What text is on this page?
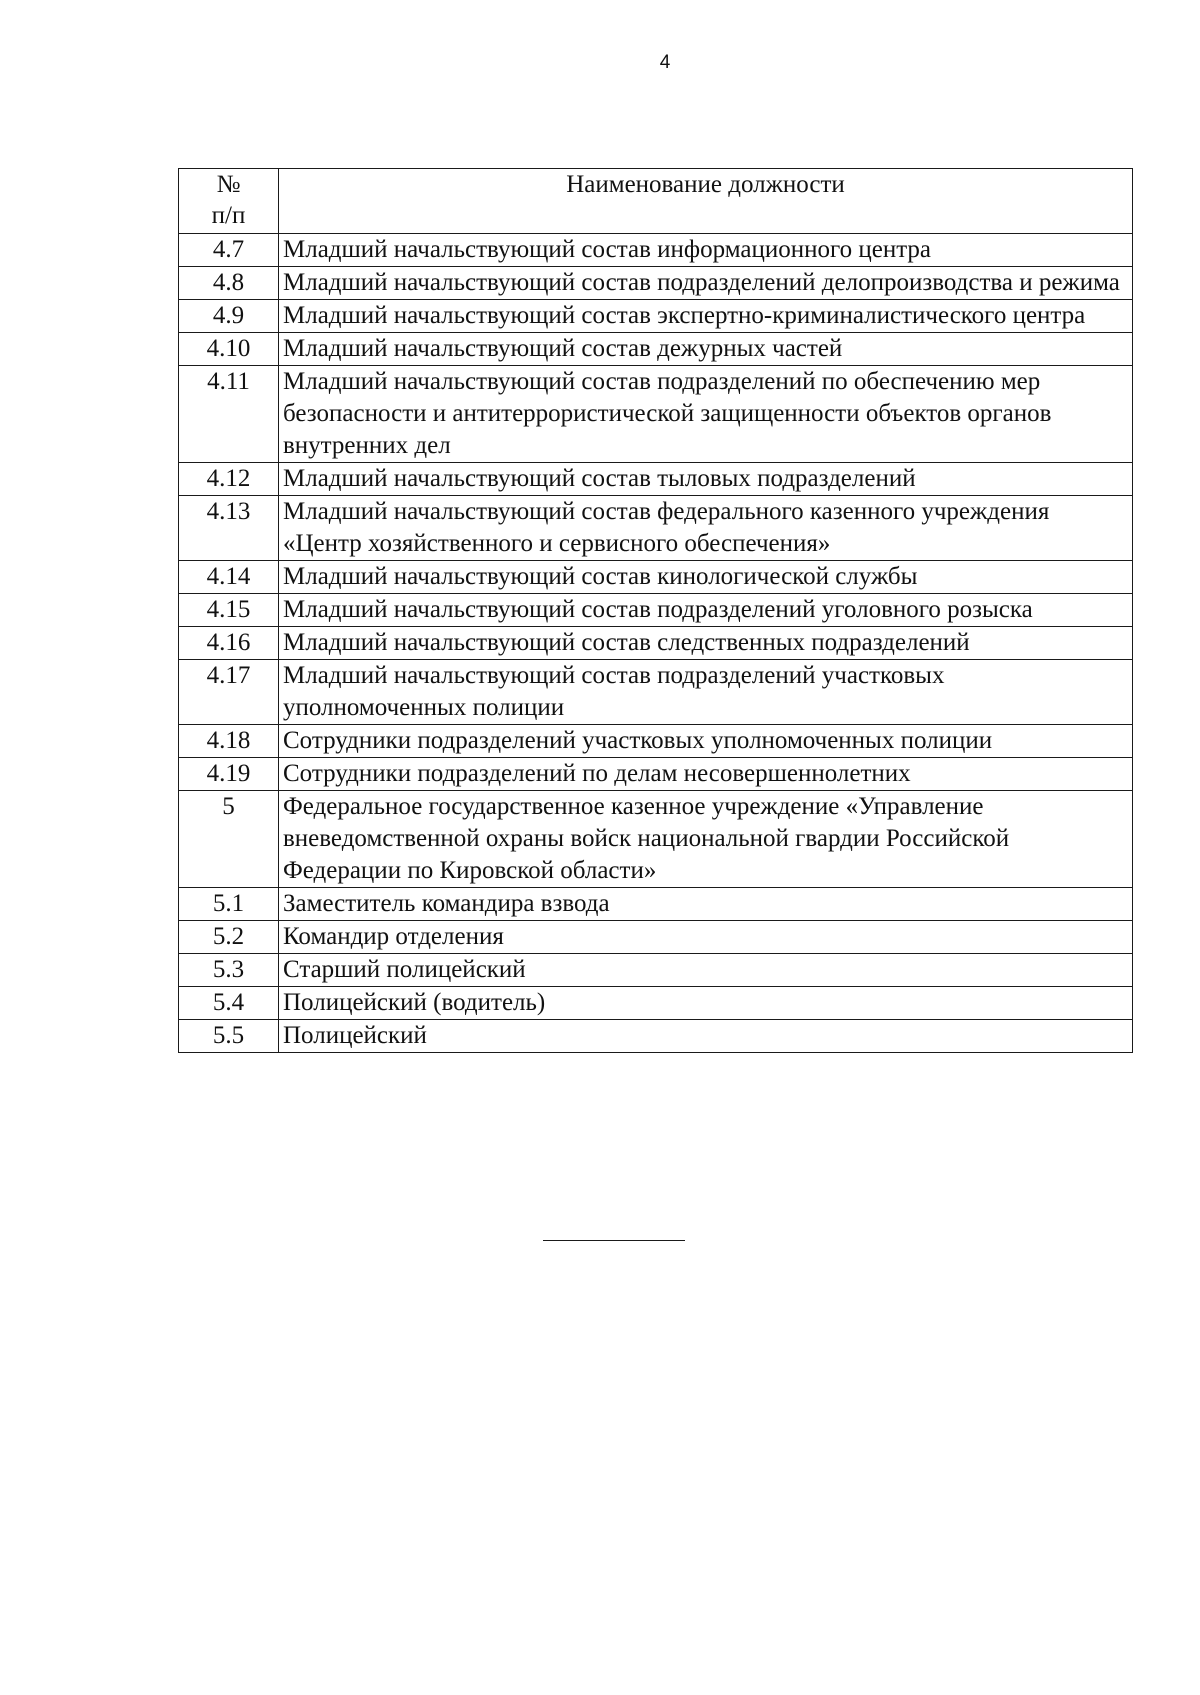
4
№
п/п	Наименование должности
4.7	Младший начальствующий состав информационного центра
4.8	Младший начальствующий состав подразделений делопроизводства и режима
4.9	Младший начальствующий состав экспертно-криминалистического центра
4.10	Младший начальствующий состав дежурных частей
4.11	Младший начальствующий состав подразделений по обеспечению мер безопасности и антитеррористической защищенности объектов органов внутренних дел
4.12	Младший начальствующий состав тыловых подразделений
4.13	Младший начальствующий состав федерального казенного учреждения «Центр хозяйственного и сервисного обеспечения»
4.14	Младший начальствующий состав кинологической службы
4.15	Младший начальствующий состав подразделений уголовного розыска
4.16	Младший начальствующий состав следственных подразделений
4.17	Младший начальствующий состав подразделений участковых уполномоченных полиции
4.18	Сотрудники подразделений участковых уполномоченных полиции
4.19	Сотрудники подразделений по делам несовершеннолетних
5	Федеральное государственное казенное учреждение «Управление вневедомственной охраны войск национальной гвардии Российской Федерации по Кировской области»
5.1	Заместитель командира взвода
5.2	Командир отделения
5.3	Старший полицейский
5.4	Полицейский (водитель)
5.5	Полицейский
